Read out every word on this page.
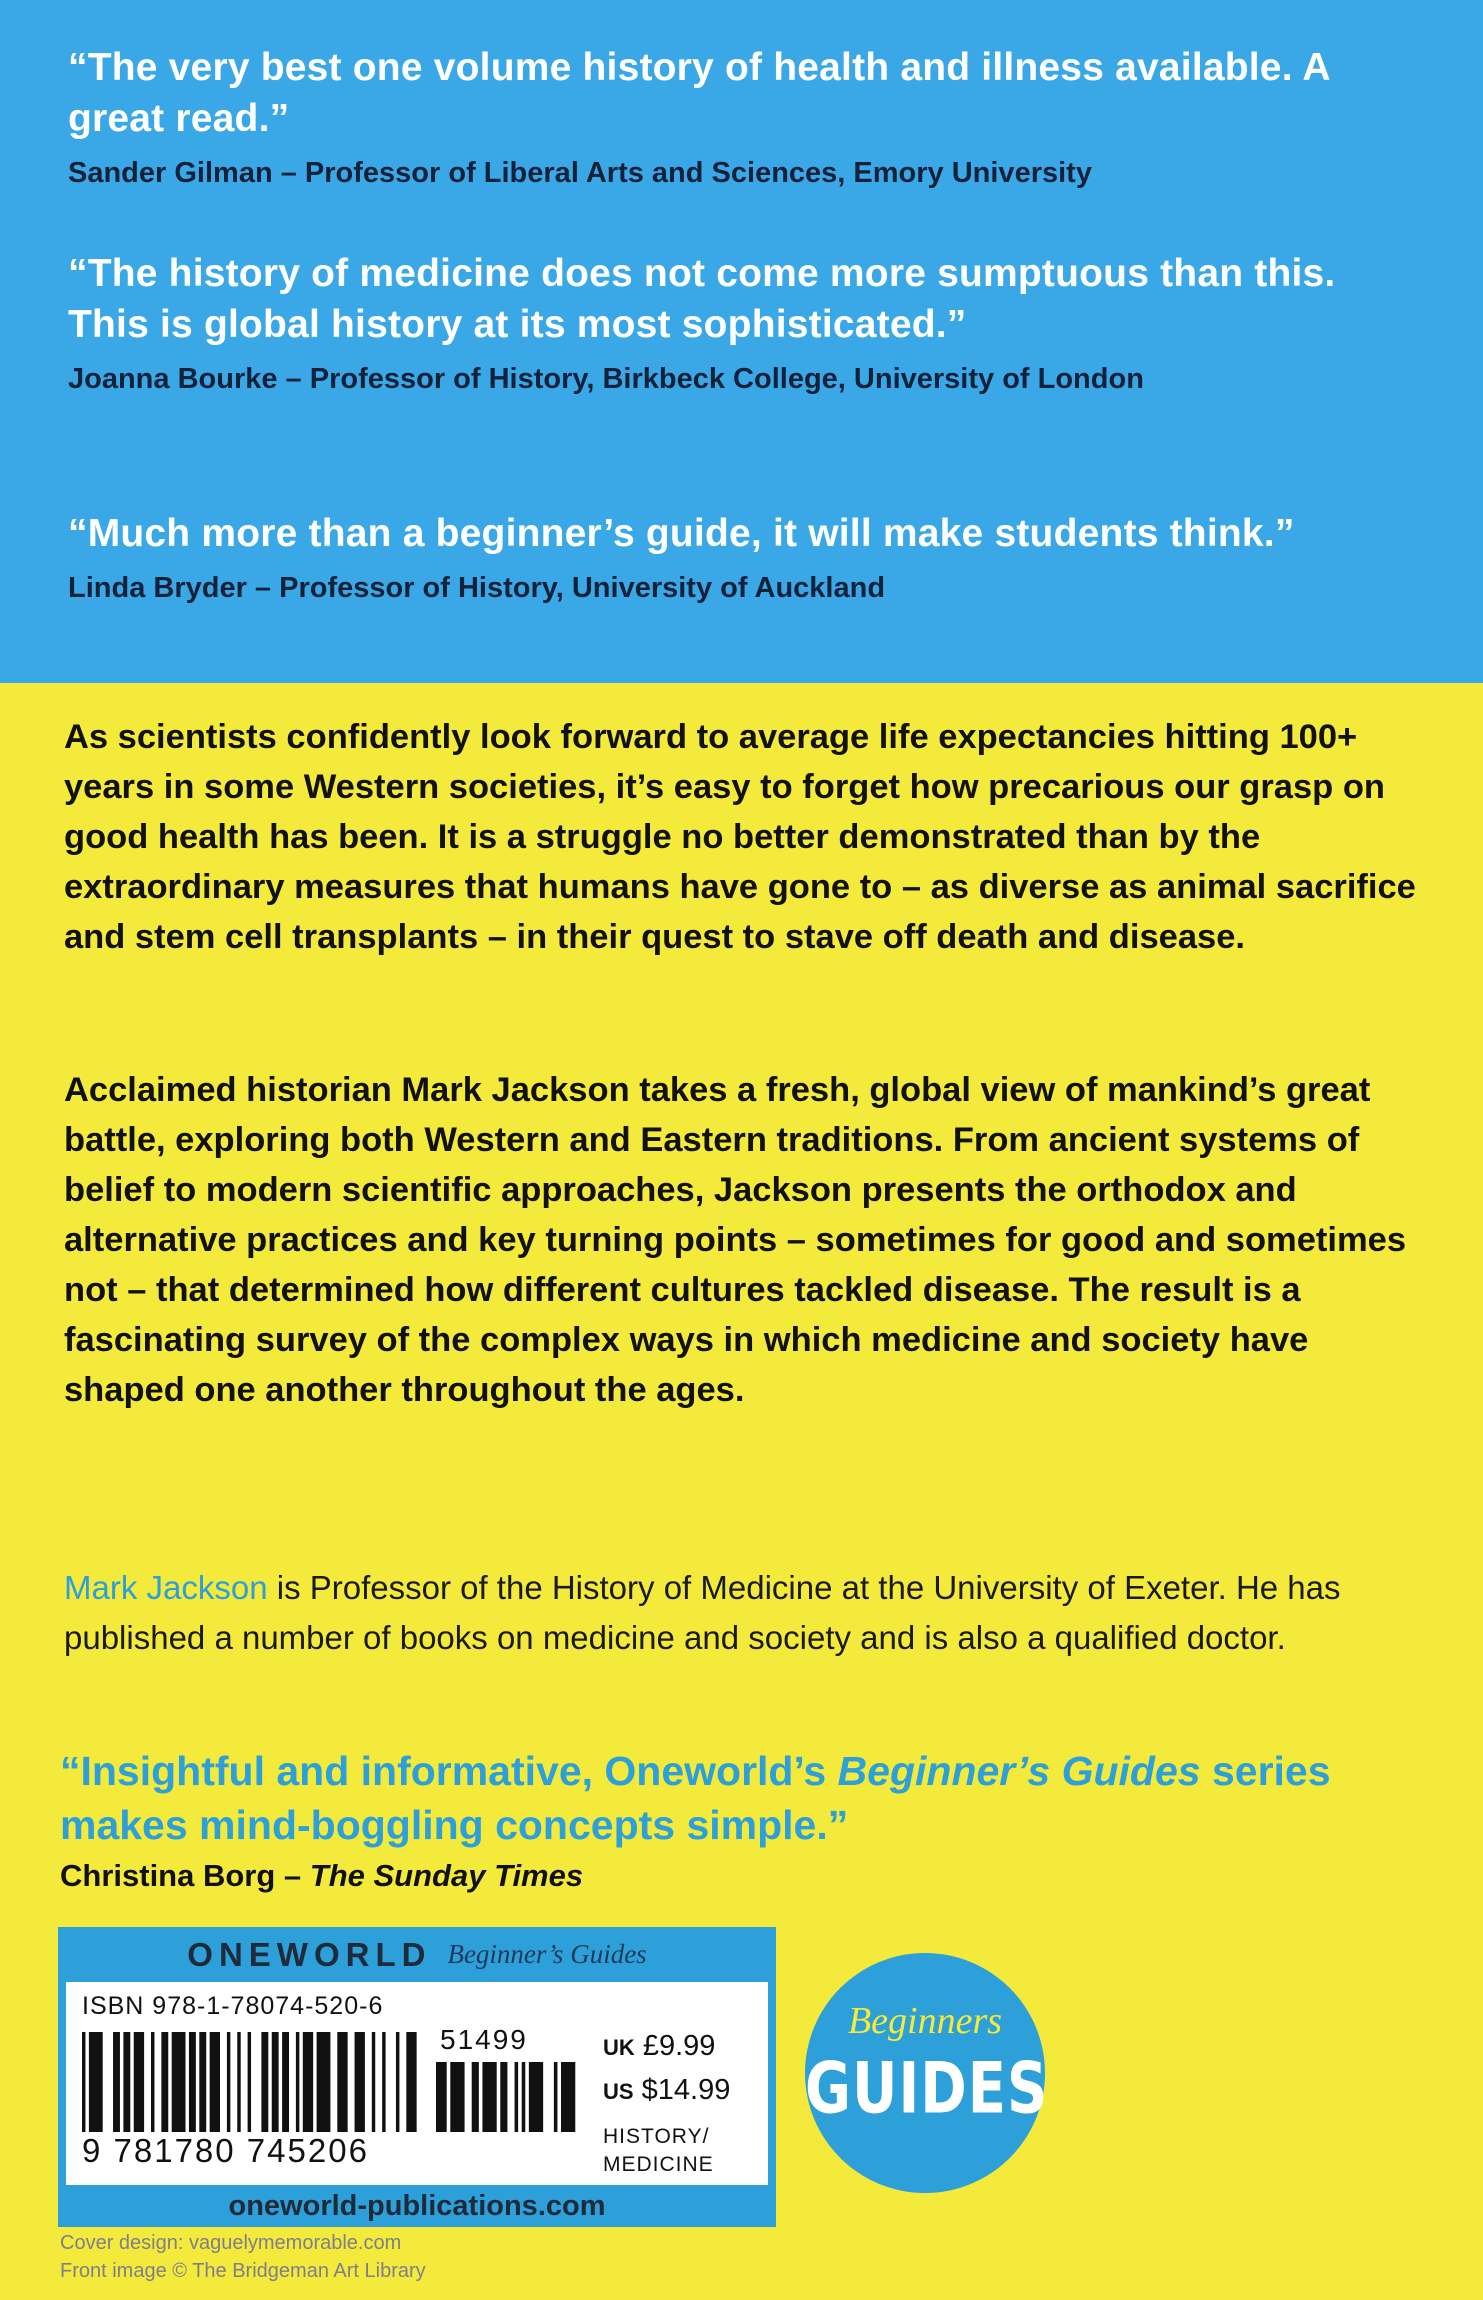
“The very best one volume history of health and illness available. A great read.”

Sander Gilman – Professor of Liberal Arts and Sciences, Emory University

“The history of medicine does not come more sumptuous than this. This is global history at its most sophisticated.”

Joanna Bourke – Professor of History, Birkbeck College, University of London

“Much more than a beginner’s guide, it will make students think.”

Linda Bryder – Professor of History, University of Auckland

As scientists confidently look forward to average life expectancies hitting 100+ years in some Western societies, it’s easy to forget how precarious our grasp on good health has been. It is a struggle no better demonstrated than by the extraordinary measures that humans have gone to – as diverse as animal sacrifice and stem cell transplants – in their quest to stave off death and disease.

Acclaimed historian Mark Jackson takes a fresh, global view of mankind’s great battle, exploring both Western and Eastern traditions. From ancient systems of belief to modern scientific approaches, Jackson presents the orthodox and alternative practices and key turning points – sometimes for good and sometimes not – that determined how different cultures tackled disease. The result is a fascinating survey of the complex ways in which medicine and society have shaped one another throughout the ages.

Mark Jackson is Professor of the History of Medicine at the University of Exeter. He has published a number of books on medicine and society and is also a qualified doctor.

“Insightful and informative, Oneworld’s Beginner’s Guides series makes mind-boggling concepts simple.”

Christina Borg – The Sunday Times

ONEWORLD Beginner’s Guides
ISBN 978-1-78074-520-6
51499
9 781780 745206
UK £9.99
US $14.99
HISTORY/
MEDICINE
oneworld-publications.com
Beginners
GUIDES
Cover design: vaguelymemorable.com
Front image © The Bridgeman Art Library
